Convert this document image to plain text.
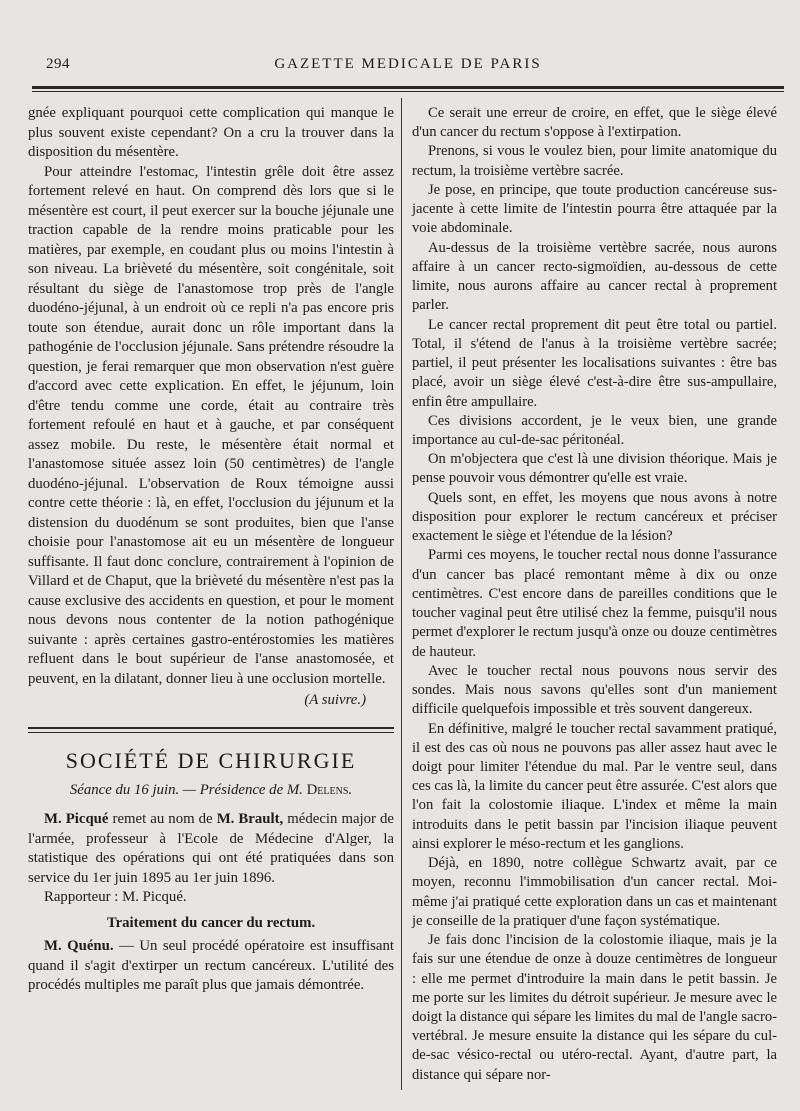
294	GAZETTE MEDICALE DE PARIS

gnée expliquant pourquoi cette complication qui manque le plus souvent existe cependant? On a cru la trouver dans la disposition du mésentère.

Pour atteindre l'estomac, l'intestin grêle doit être assez fortement relevé en haut. On comprend dès lors que si le mésentère est court, il peut exercer sur la bouche jéjunale une traction capable de la rendre moins praticable pour les matières, par exemple, en coudant plus ou moins l'intestin à son niveau. La brièveté du mésentère, soit congénitale, soit résultant du siège de l'anastomose trop près de l'angle duodéno-jéjunal, à un endroit où ce repli n'a pas encore pris toute son étendue, aurait donc un rôle important dans la pathogénie de l'occlusion jéjunale. Sans prétendre résoudre la question, je ferai remarquer que mon observation n'est guère d'accord avec cette explication. En effet, le jéjunum, loin d'être tendu comme une corde, était au contraire très fortement refoulé en haut et à gauche, et par conséquent assez mobile. Du reste, le mésentère était normal et l'anastomose située assez loin (50 centimètres) de l'angle duodéno-jéjunal. L'observation de Roux témoigne aussi contre cette théorie : là, en effet, l'occlusion du jéjunum et la distension du duodénum se sont produites, bien que l'anse choisie pour l'anastomose ait eu un mésentère de longueur suffisante. Il faut donc conclure, contrairement à l'opinion de Villard et de Chaput, que la brièveté du mésentère n'est pas la cause exclusive des accidents en question, et pour le moment nous devons nous contenter de la notion pathogénique suivante : après certaines gastro-entérostomies les matières refluent dans le bout supérieur de l'anse anastomosée, et peuvent, en la dilatant, donner lieu à une occlusion mortelle.

(A suivre.)
SOCIÉTÉ DE CHIRURGIE
Séance du 16 juin. — Présidence de M. Delens.

M. Picqué remet au nom de M. Brault, médecin major de l'armée, professeur à l'Ecole de Médecine d'Alger, la statistique des opérations qui ont été pratiquées dans son service du 1er juin 1895 au 1er juin 1896.

Rapporteur : M. Picqué.

Traitement du cancer du rectum.

M. Quénu. — Un seul procédé opératoire est insuffisant quand il s'agit d'extirper un rectum cancéreux. L'utilité des procédés multiples me paraît plus que jamais démontrée.

Ce serait une erreur de croire, en effet, que le siège élevé d'un cancer du rectum s'oppose à l'extirpation.

Prenons, si vous le voulez bien, pour limite anatomique du rectum, la troisième vertèbre sacrée.

Je pose, en principe, que toute production cancéreuse sus-jacente à cette limite de l'intestin pourra être attaquée par la voie abdominale.

Au-dessus de la troisième vertèbre sacrée, nous aurons affaire à un cancer recto-sigmoïdien, au-dessous de cette limite, nous aurons affaire au cancer rectal à proprement parler.

Le cancer rectal proprement dit peut être total ou partiel. Total, il s'étend de l'anus à la troisième vertèbre sacrée; partiel, il peut présenter les localisations suivantes : être bas placé, avoir un siège élevé c'est-à-dire être sus-ampullaire, enfin être ampullaire.

Ces divisions accordent, je le veux bien, une grande importance au cul-de-sac péritonéal.

On m'objectera que c'est là une division théorique. Mais je pense pouvoir vous démontrer qu'elle est vraie.

Quels sont, en effet, les moyens que nous avons à notre disposition pour explorer le rectum cancéreux et préciser exactement le siège et l'étendue de la lésion?

Parmi ces moyens, le toucher rectal nous donne l'assurance d'un cancer bas placé remontant même à dix ou onze centimètres. C'est encore dans de pareilles conditions que le toucher vaginal peut être utilisé chez la femme, puisqu'il nous permet d'explorer le rectum jusqu'à onze ou douze centimètres de hauteur.

Avec le toucher rectal nous pouvons nous servir des sondes. Mais nous savons qu'elles sont d'un maniement difficile quelquefois impossible et très souvent dangereux.

En définitive, malgré le toucher rectal savamment pratiqué, il est des cas où nous ne pouvons pas aller assez haut avec le doigt pour limiter l'étendue du mal. Par le ventre seul, dans ces cas là, la limite du cancer peut être assurée. C'est alors que l'on fait la colostomie iliaque. L'index et même la main introduits dans le petit bassin par l'incision iliaque peuvent ainsi explorer le méso-rectum et les ganglions.

Déjà, en 1890, notre collègue Schwartz avait, par ce moyen, reconnu l'immobilisation d'un cancer rectal. Moi-même j'ai pratiqué cette exploration dans un cas et maintenant je conseille de la pratiquer d'une façon systématique.

Je fais donc l'incision de la colostomie iliaque, mais je la fais sur une étendue de onze à douze centimètres de longueur : elle me permet d'introduire la main dans le petit bassin. Je me porte sur les limites du détroit supérieur. Je mesure avec le doigt la distance qui sépare les limites du mal de l'angle sacro-vertébral. Je mesure ensuite la distance qui les sépare du cul-de-sac vésico-rectal ou utéro-rectal. Ayant, d'autre part, la distance qui sépare nor-
